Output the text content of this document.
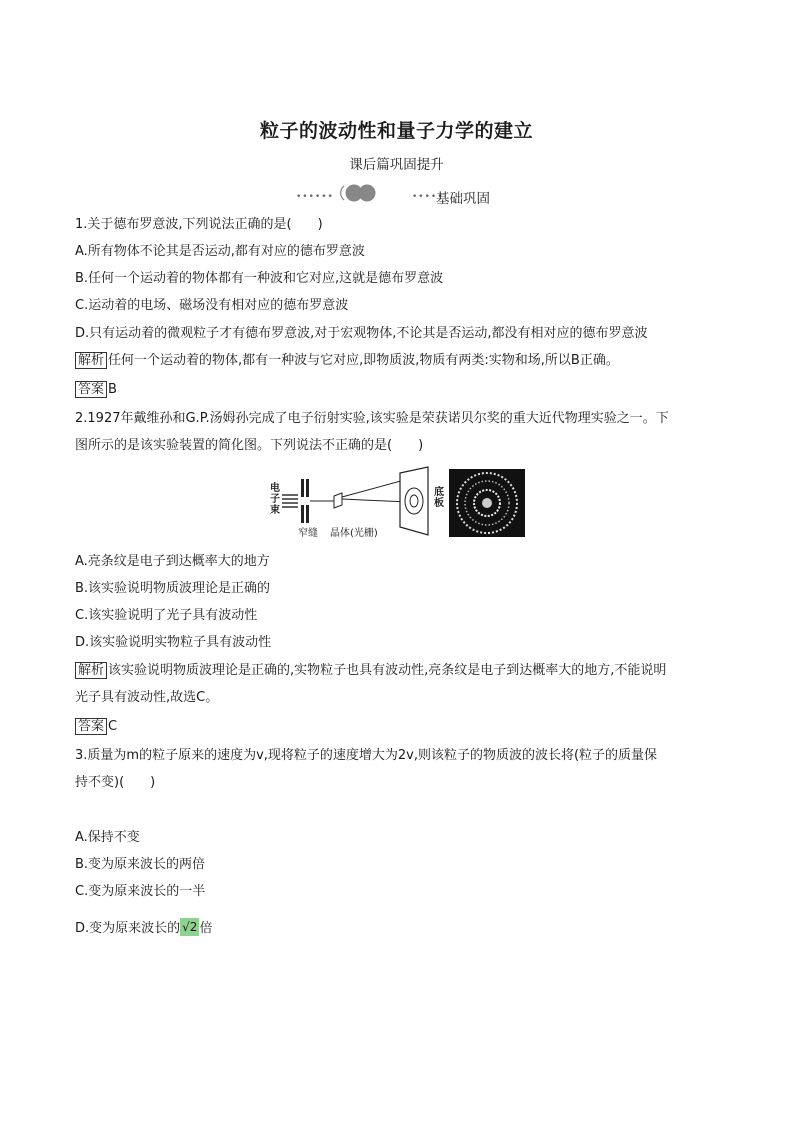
粒子的波动性和量子力学的建立
课后篇巩固提升
••••••	•••••
基础巩固
1.关于德布罗意波,下列说法正确的是(　　)
A.所有物体不论其是否运动,都有对应的德布罗意波
B.任何一个运动着的物体都有一种波和它对应,这就是德布罗意波
C.运动着的电场、磁场没有相对应的德布罗意波
D.只有运动着的微观粒子才有德布罗意波,对于宏观物体,不论其是否运动,都没有相对应的德布罗意波
解析 任何一个运动着的物体,都有一种波与它对应,即物质波,物质有两类:实物和场,所以B正确。
答案 B
2.1927年戴维孙和G.P.汤姆孙完成了电子衍射实验,该实验是荣获诺贝尔奖的重大近代物理实验之一。下
图所示的是该实验装置的简化图。下列说法不正确的是(　　)
电
子
束
窄缝 晶体(光栅)
底
板
A.亮条纹是电子到达概率大的地方
B.该实验说明物质波理论是正确的
C.该实验说明了光子具有波动性
D.该实验说明实物粒子具有波动性
解析 该实验说明物质波理论是正确的,实物粒子也具有波动性,亮条纹是电子到达概率大的地方,不能说明
光子具有波动性,故选C。
答案 C
3.质量为m的粒子原来的速度为v,现将粒子的速度增大为2v,则该粒子的物质波的波长将(粒子的质量保
持不变)(　　)
A.保持不变
B.变为原来波长的两倍
C.变为原来波长的一半
D.变为原来波长的 √2 倍
